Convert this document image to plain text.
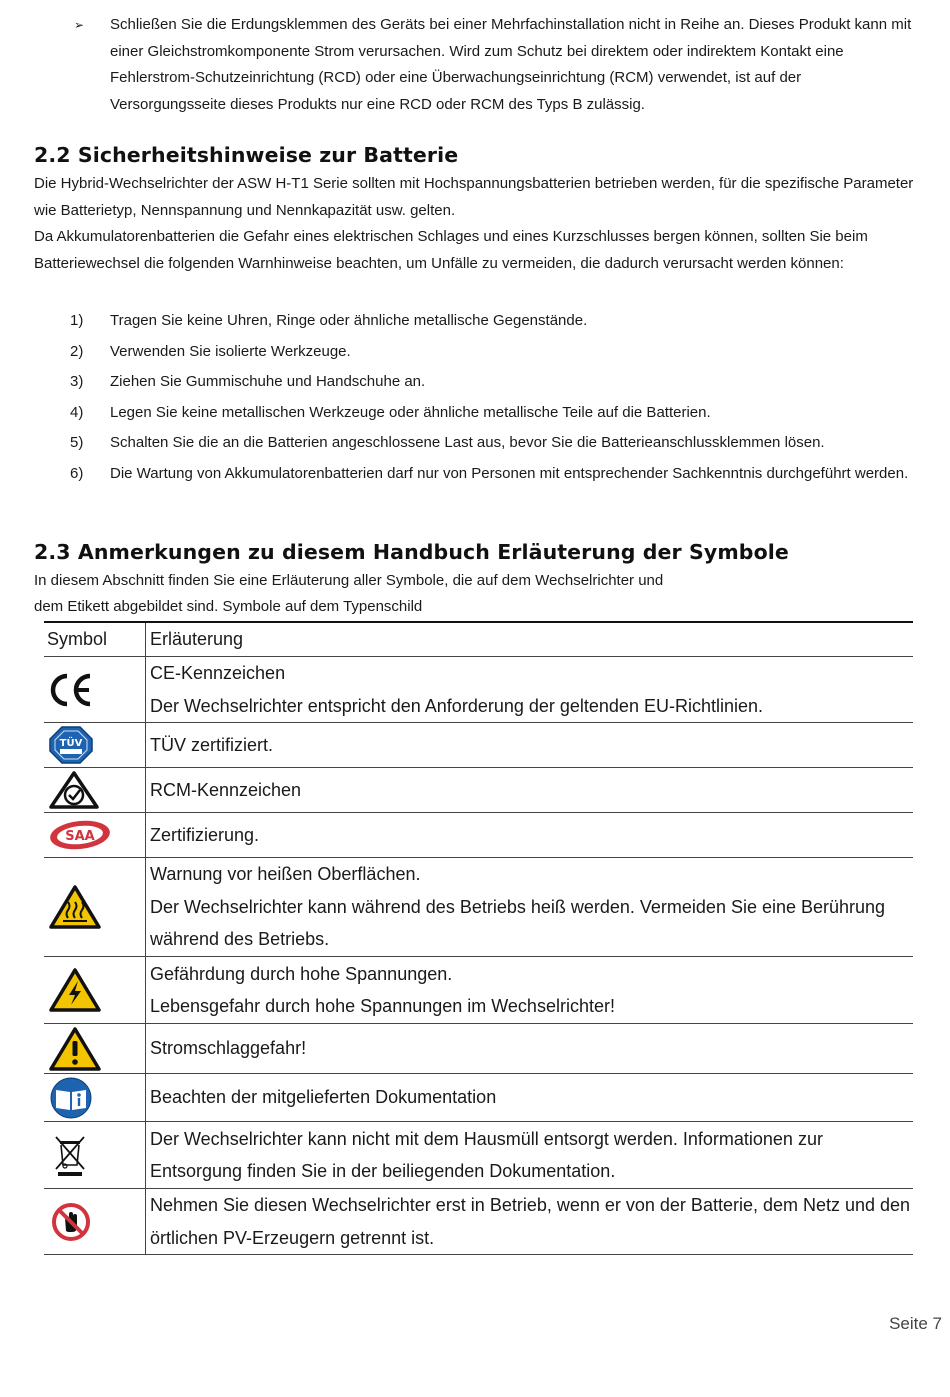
➢ Schließen Sie die Erdungsklemmen des Geräts bei einer Mehrfachinstallation nicht in Reihe an. Dieses Produkt kann mit einer Gleichstromkomponente Strom verursachen. Wird zum Schutz bei direktem oder indirektem Kontakt eine Fehlerstrom-Schutzeinrichtung (RCD) oder eine Überwachungseinrichtung (RCM) verwendet, ist auf der Versorgungsseite dieses Produkts nur eine RCD oder RCM des Typs B zulässig.
2.2 Sicherheitshinweise zur Batterie
Die Hybrid-Wechselrichter der ASW H-T1 Serie sollten mit Hochspannungsbatterien betrieben werden, für die spezifische Parameter wie Batterietyp, Nennspannung und Nennkapazität usw. gelten.
Da Akkumulatorenbatterien die Gefahr eines elektrischen Schlages und eines Kurzschlusses bergen können, sollten Sie beim Batteriewechsel die folgenden Warnhinweise beachten, um Unfälle zu vermeiden, die dadurch verursacht werden können:
1) Tragen Sie keine Uhren, Ringe oder ähnliche metallische Gegenstände.
2) Verwenden Sie isolierte Werkzeuge.
3) Ziehen Sie Gummischuhe und Handschuhe an.
4) Legen Sie keine metallischen Werkzeuge oder ähnliche metallische Teile auf die Batterien.
5) Schalten Sie die an die Batterien angeschlossene Last aus, bevor Sie die Batterieanschlussklemmen lösen.
6) Die Wartung von Akkumulatorenbatterien darf nur von Personen mit entsprechender Sachkenntnis durchgeführt werden.
2.3 Anmerkungen zu diesem Handbuch Erläuterung der Symbole
In diesem Abschnitt finden Sie eine Erläuterung aller Symbole, die auf dem Wechselrichter und
dem Etikett abgebildet sind. Symbole auf dem Typenschild
Symbol	Erläuterung

CE-Kennzeichen
Der Wechselrichter entspricht den Anforderung der geltenden EU-Richtlinien.

TÜV	TÜV zertifiziert.

RCM-Kennzeichen

SAA	Zertifizierung.

Warnung vor heißen Oberflächen.
Der Wechselrichter kann während des Betriebs heiß werden. Vermeiden Sie eine Berührung während des Betriebs.

Gefährdung durch hohe Spannungen.
Lebensgefahr durch hohe Spannungen im Wechselrichter!

Stromschlaggefahr!

Beachten der mitgelieferten Dokumentation

Der Wechselrichter kann nicht mit dem Hausmüll entsorgt werden. Informationen zur Entsorgung finden Sie in der beiliegenden Dokumentation.

Nehmen Sie diesen Wechselrichter erst in Betrieb, wenn er von der Batterie, dem Netz und den örtlichen PV-Erzeugern getrennt ist.
Seite 7
